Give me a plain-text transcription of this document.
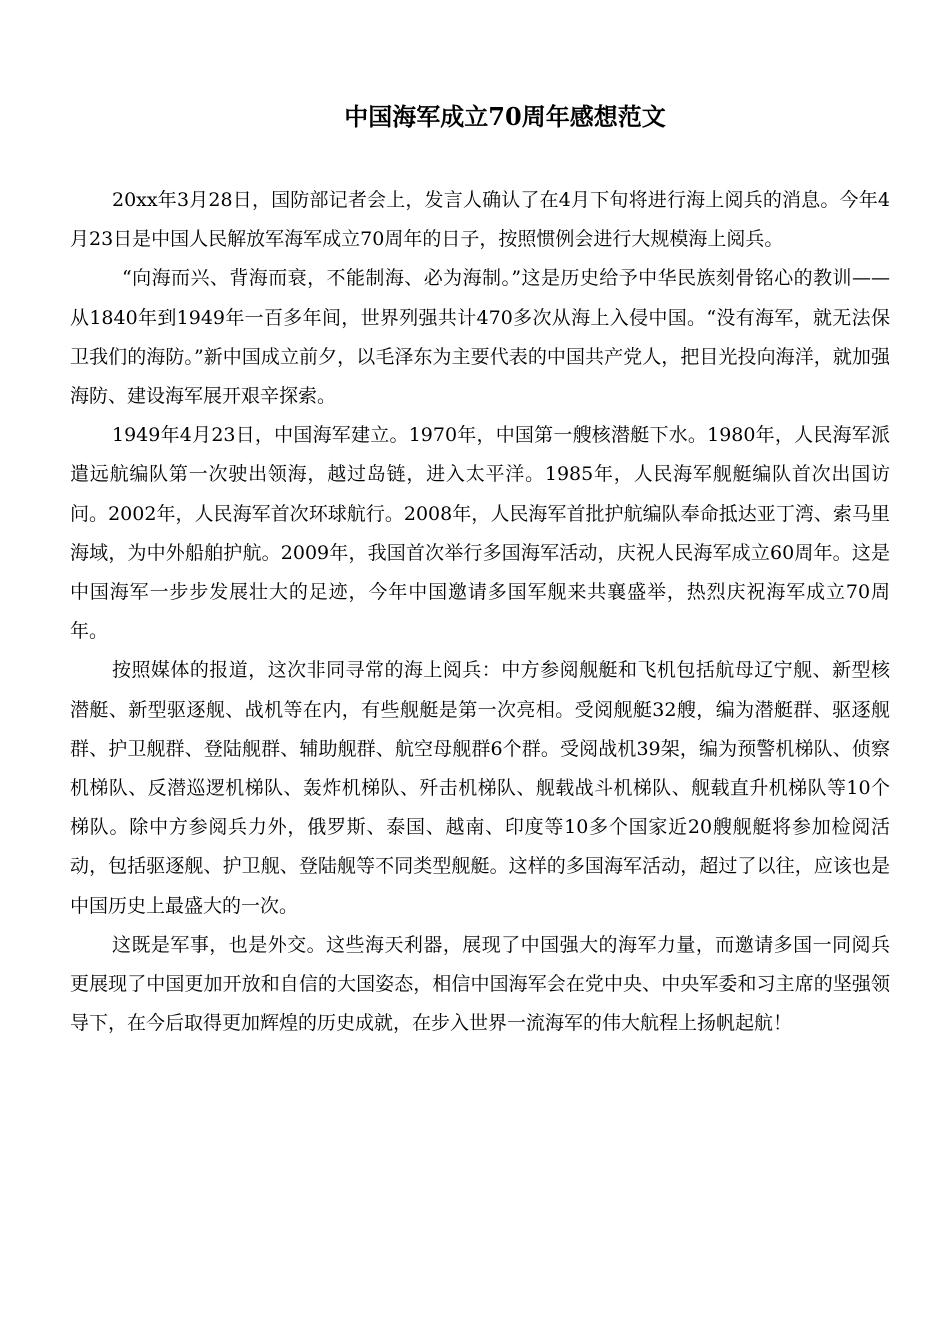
中国海军成立70周年感想范文

20xx年3月28日，国防部记者会上，发言人确认了在4月下旬将进行海上阅兵的消息。今年4月23日是中国人民解放军海军成立70周年的日子，按照惯例会进行大规模海上阅兵。

“向海而兴、背海而衰，不能制海、必为海制。”这是历史给予中华民族刻骨铭心的教训——从1840年到1949年一百多年间，世界列强共计470多次从海上入侵中国。“没有海军，就无法保卫我们的海防。”新中国成立前夕，以毛泽东为主要代表的中国共产党人，把目光投向海洋，就加强海防、建设海军展开艰辛探索。

1949年4月23日，中国海军建立。1970年，中国第一艘核潜艇下水。1980年，人民海军派遣远航编队第一次驶出领海，越过岛链，进入太平洋。1985年，人民海军舰艇编队首次出国访问。2002年，人民海军首次环球航行。2008年，人民海军首批护航编队奉命抵达亚丁湾、索马里海域，为中外船舶护航。2009年，我国首次举行多国海军活动，庆祝人民海军成立60周年。这是中国海军一步步发展壮大的足迹，今年中国邀请多国军舰来共襄盛举，热烈庆祝海军成立70周年。

按照媒体的报道，这次非同寻常的海上阅兵：中方参阅舰艇和飞机包括航母辽宁舰、新型核潜艇、新型驱逐舰、战机等在内，有些舰艇是第一次亮相。受阅舰艇32艘，编为潜艇群、驱逐舰群、护卫舰群、登陆舰群、辅助舰群、航空母舰群6个群。受阅战机39架，编为预警机梯队、侦察机梯队、反潜巡逻机梯队、轰炸机梯队、歼击机梯队、舰载战斗机梯队、舰载直升机梯队等10个梯队。除中方参阅兵力外，俄罗斯、泰国、越南、印度等10多个国家近20艘舰艇将参加检阅活动，包括驱逐舰、护卫舰、登陆舰等不同类型舰艇。这样的多国海军活动，超过了以往，应该也是中国历史上最盛大的一次。

这既是军事，也是外交。这些海天利器，展现了中国强大的海军力量，而邀请多国一同阅兵更展现了中国更加开放和自信的大国姿态，相信中国海军会在党中央、中央军委和习主席的坚强领导下，在今后取得更加辉煌的历史成就，在步入世界一流海军的伟大航程上扬帆起航！
